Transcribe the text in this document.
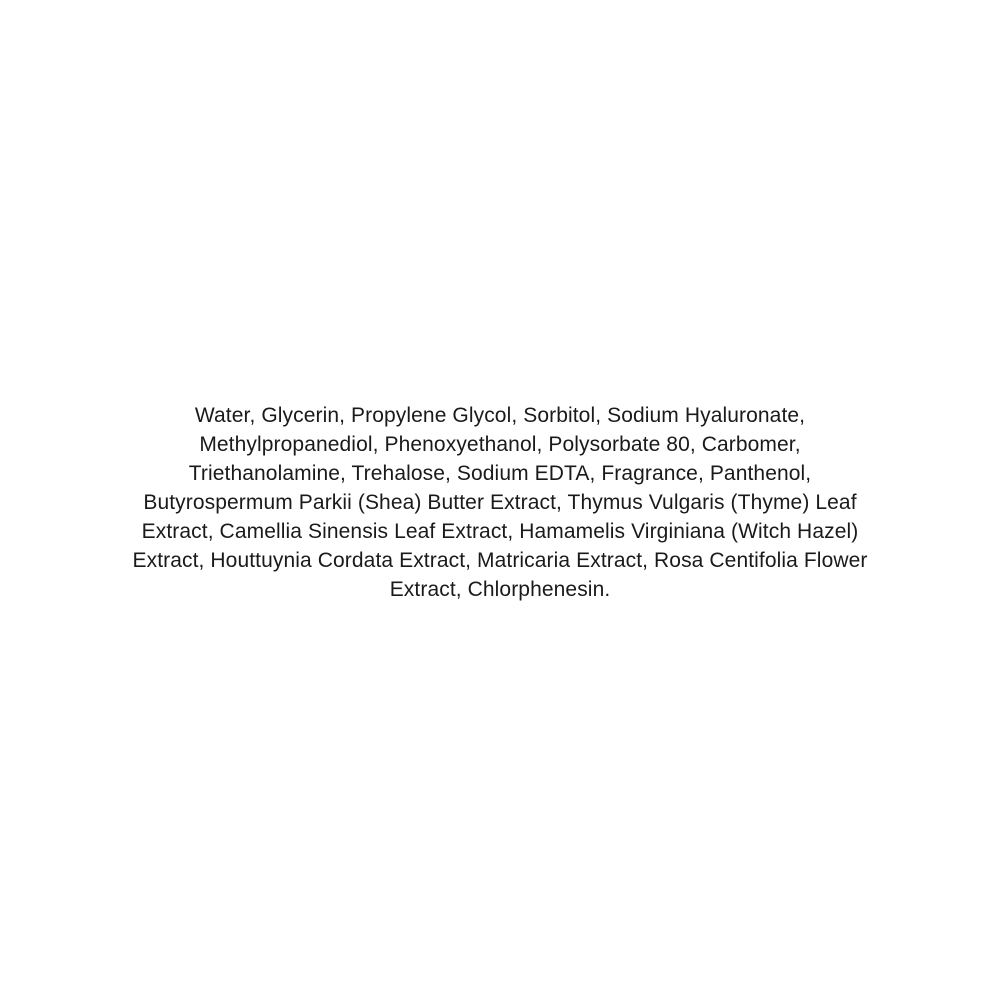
Water, Glycerin, Propylene Glycol, Sorbitol, Sodium Hyaluronate,
Methylpropanediol, Phenoxyethanol, Polysorbate 80, Carbomer,
Triethanolamine, Trehalose, Sodium EDTA, Fragrance, Panthenol,
Butyrospermum Parkii (Shea) Butter Extract, Thymus Vulgaris (Thyme) Leaf
Extract, Camellia Sinensis Leaf Extract, Hamamelis Virginiana (Witch Hazel)
Extract, Houttuynia Cordata Extract, Matricaria Extract, Rosa Centifolia Flower
Extract, Chlorphenesin.
